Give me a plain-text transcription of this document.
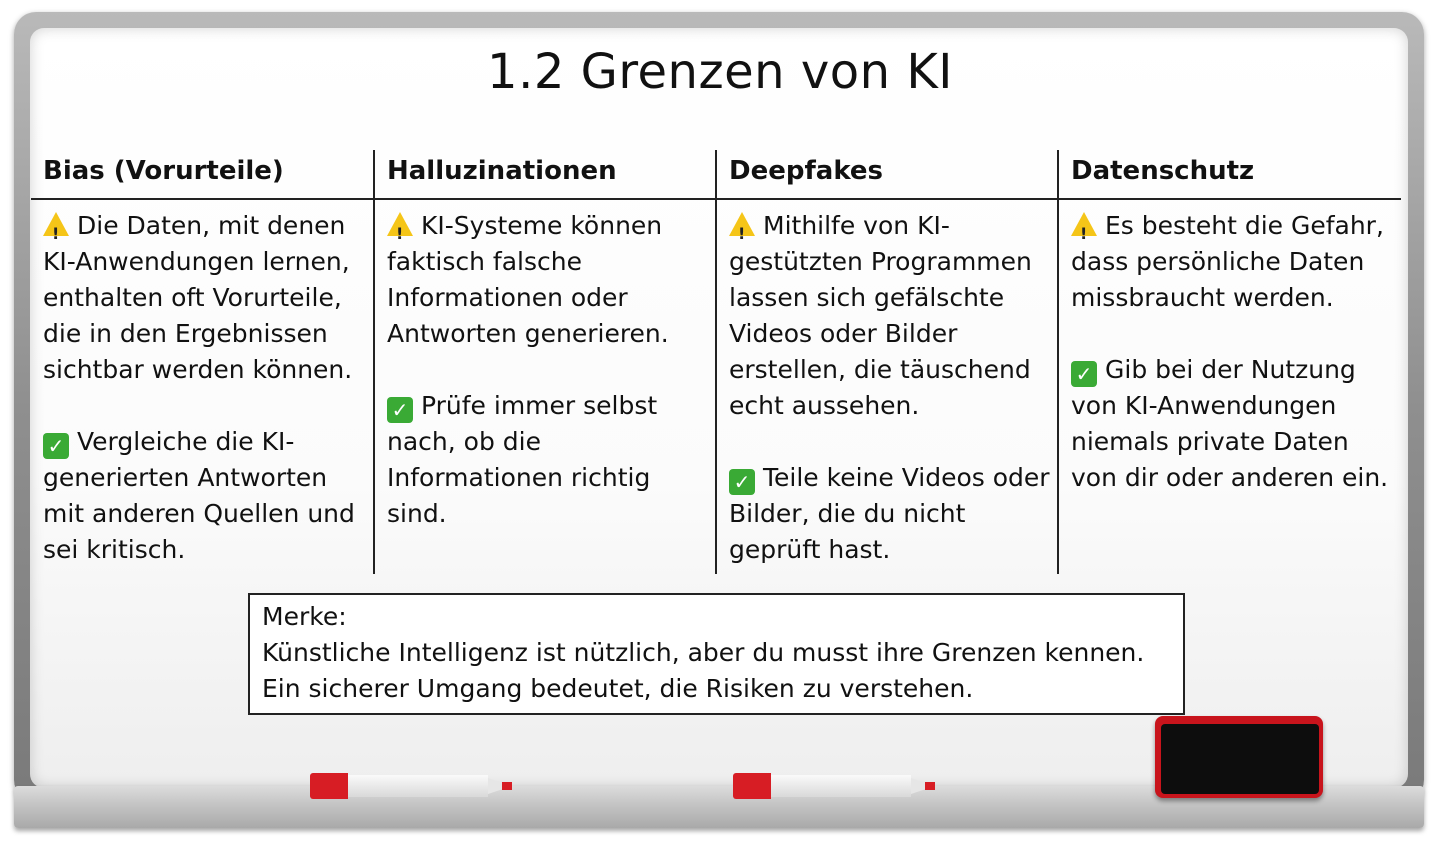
1.2 Grenzen von KI
Bias (Vorurteile)
!Die Daten, mit denen KI-Anwendungen lernen, enthalten oft Vorurteile, die in den Ergebnissen sichtbar werden können.
✓ Vergleiche die KI-generierten Antworten mit anderen Quellen und sei kritisch.
Halluzinationen
!KI-Systeme können faktisch falsche Informationen oder Antworten generieren.
✓ Prüfe immer selbst nach, ob die Informationen richtig sind.
Deepfakes
!Mithilfe von KI-gestützten Programmen lassen sich gefälschte Videos oder Bilder erstellen, die täuschend echt aussehen.
✓ Teile keine Videos oder Bilder, die du nicht geprüft hast.
Datenschutz
!Es besteht die Gefahr, dass persönliche Daten missbraucht werden.
✓ Gib bei der Nutzung von KI-Anwendungen niemals private Daten von dir oder anderen ein.
Merke:
Künstliche Intelligenz ist nützlich, aber du musst ihre Grenzen kennen.
Ein sicherer Umgang bedeutet, die Risiken zu verstehen.
